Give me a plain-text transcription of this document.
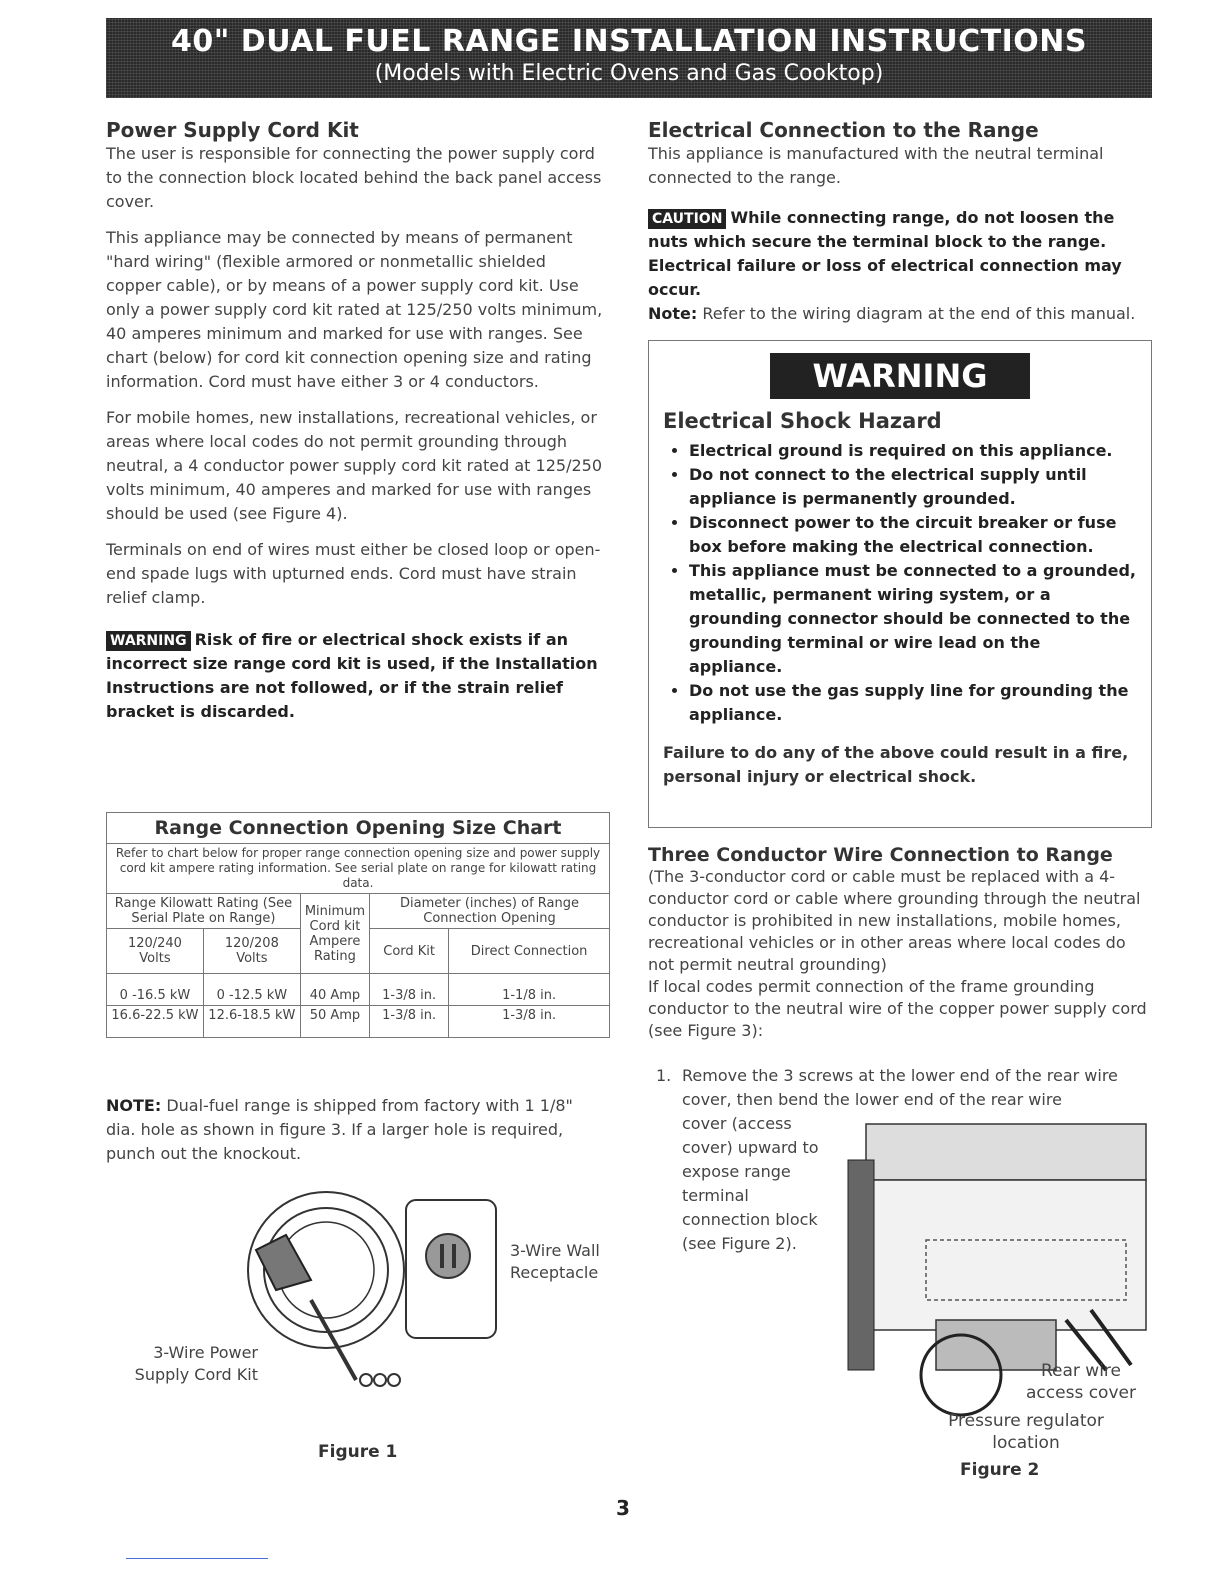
40" DUAL FUEL RANGE INSTALLATION INSTRUCTIONS
(Models with Electric Ovens and Gas Cooktop)
Power Supply Cord Kit

The user is responsible for connecting the power supply cord to the connection block located behind the back panel access cover.

This appliance may be connected by means of permanent "hard wiring" (flexible armored or nonmetallic shielded copper cable), or by means of a power supply cord kit. Use only a power supply cord kit rated at 125/250 volts minimum, 40 amperes minimum and marked for use with ranges. See chart (below) for cord kit connection opening size and rating information. Cord must have either 3 or 4 conductors.

For mobile homes, new installations, recreational vehicles, or areas where local codes do not permit grounding through neutral, a 4 conductor power supply cord kit rated at 125/250 volts minimum, 40 amperes and marked for use with ranges should be used (see Figure 4).

Terminals on end of wires must either be closed loop or open-end spade lugs with upturned ends. Cord must have strain relief clamp.

WARNING Risk of fire or electrical shock exists if an incorrect size range cord kit is used, if the Installation Instructions are not followed, or if the strain relief bracket is discarded.
Range Connection Opening Size Chart				
Refer to chart below for proper range connection opening size and power supply cord kit ampere rating information. See serial plate on range for kilowatt rating data.				
Range Kilowatt Rating (See Serial Plate on Range)		Minimum Cord kit Ampere Rating	Diameter (inches) of Range Connection Opening	
120/240 Volts	120/208 Volts		Cord Kit	Direct Connection
0 -16.5 kW	0 -12.5 kW	40 Amp	1-3/8 in.	1-1/8 in.
16.6-22.5 kW	12.6-18.5 kW	50 Amp	1-3/8 in.	1-3/8 in.

NOTE: Dual-fuel range is shipped from factory with 1 1/8" dia. hole as shown in figure 3. If a larger hole is required, punch out the knockout.

3-Wire Wall Receptacle
3-Wire Power Supply Cord Kit
Figure 1
Electrical Connection to the Range

This appliance is manufactured with the neutral terminal connected to the range.

CAUTION While connecting range, do not loosen the nuts which secure the terminal block to the range. Electrical failure or loss of electrical connection may occur.

Note: Refer to the wiring diagram at the end of this manual.

WARNING
Electrical Shock Hazard
• Electrical ground is required on this appliance.
• Do not connect to the electrical supply until appliance is permanently grounded.
• Disconnect power to the circuit breaker or fuse box before making the electrical connection.
• This appliance must be connected to a grounded, metallic, permanent wiring system, or a grounding connector should be connected to the grounding terminal or wire lead on the appliance.
• Do not use the gas supply line for grounding the appliance.
Failure to do any of the above could result in a fire, personal injury or electrical shock.
Three Conductor Wire Connection to Range

(The 3-conductor cord or cable must be replaced with a 4-conductor cord or cable where grounding through the neutral conductor is prohibited in new installations, mobile homes, recreational vehicles or in other areas where local codes do not permit neutral grounding)

If local codes permit connection of the frame grounding conductor to the neutral wire of the copper power supply cord (see Figure 3):

1. Remove the 3 screws at the lower end of the rear wire cover, then bend the lower end of the rear wire
cover (access cover) upward to expose range terminal connection block (see Figure 2).
Rear wire access cover
Pressure regulator location
Figure 2
3
